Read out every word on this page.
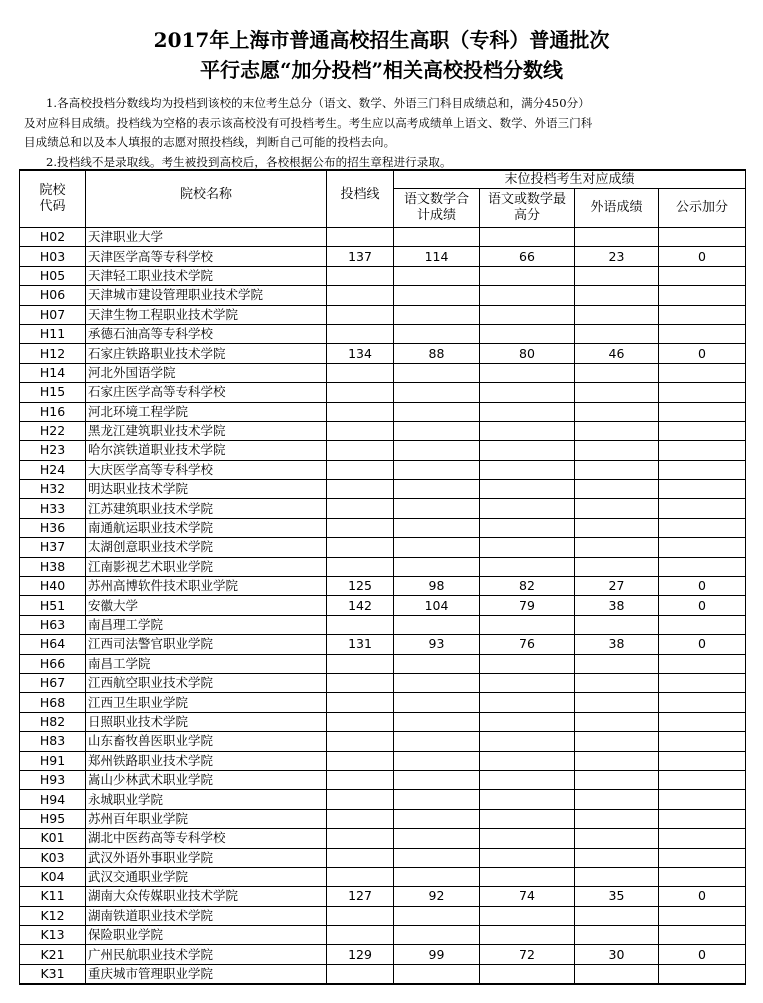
2017年上海市普通高校招生高职（专科）普通批次
平行志愿“加分投档”相关高校投档分数线

1.各高校投档分数线均为投档到该校的末位考生总分（语文、数学、外语三门科目成绩总和，满分450分）

及对应科目成绩。投档线为空格的表示该高校没有可投档考生。考生应以高考成绩单上语文、数学、外语三门科

目成绩总和以及本人填报的志愿对照投档线，判断自己可能的投档去向。

2.投档线不是录取线。考生被投到高校后，各校根据公布的招生章程进行录取。

院校代码	院校名称	投档线	末位投档考生对应成绩			
			语文数学合计成绩	语文或数学最高分	外语成绩	公示加分
H02	天津职业大学					
H03	天津医学高等专科学校	137	114	66	23	0
H05	天津轻工职业技术学院					
H06	天津城市建设管理职业技术学院					
H07	天津生物工程职业技术学院					
H11	承德石油高等专科学校					
H12	石家庄铁路职业技术学院	134	88	80	46	0
H14	河北外国语学院					
H15	石家庄医学高等专科学校					
H16	河北环境工程学院					
H22	黑龙江建筑职业技术学院					
H23	哈尔滨铁道职业技术学院					
H24	大庆医学高等专科学校					
H32	明达职业技术学院					
H33	江苏建筑职业技术学院					
H36	南通航运职业技术学院					
H37	太湖创意职业技术学院					
H38	江南影视艺术职业学院					
H40	苏州高博软件技术职业学院	125	98	82	27	0
H51	安徽大学	142	104	79	38	0
H63	南昌理工学院					
H64	江西司法警官职业学院	131	93	76	38	0
H66	南昌工学院					
H67	江西航空职业技术学院					
H68	江西卫生职业学院					
H82	日照职业技术学院					
H83	山东畜牧兽医职业学院					
H91	郑州铁路职业技术学院					
H93	嵩山少林武术职业学院					
H94	永城职业学院					
H95	苏州百年职业学院					
K01	湖北中医药高等专科学校					
K03	武汉外语外事职业学院					
K04	武汉交通职业学院					
K11	湖南大众传媒职业技术学院	127	92	74	35	0
K12	湖南铁道职业技术学院					
K13	保险职业学院					
K21	广州民航职业技术学院	129	99	72	30	0
K31	重庆城市管理职业学院					
